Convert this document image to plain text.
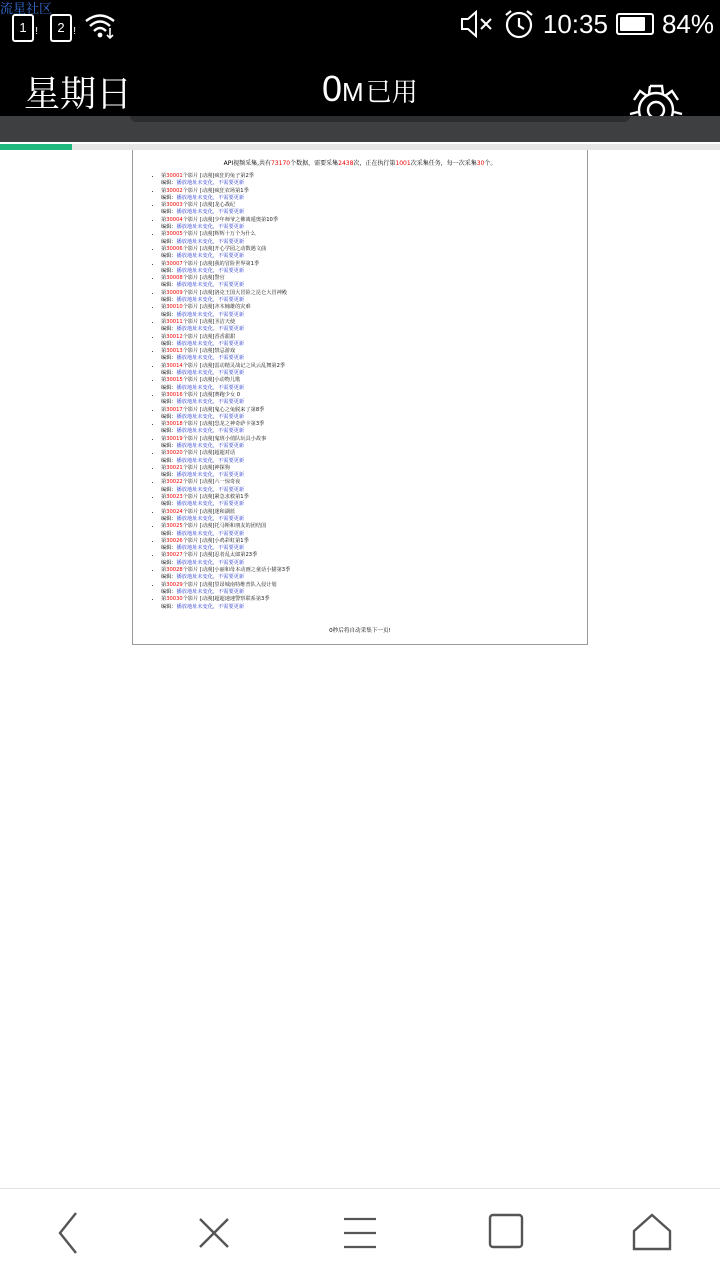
流星社区
1 !	2 !	10:35 84%
星期日	0M已用
API视频采集,共有73170个数据，需要采集2438次，正在执行第1001次采集任务，每一次采集30个。
• 第30001个影片 [动漫]疯狂的兔子第2季
编辑：播放地址未变化，不需要更新
• 第30002个影片 [动漫]疯狂农场第1季
编辑：播放地址未变化，不需要更新
• 第30003个影片 [动漫]龙心战纪
编辑：播放地址未变化，不需要更新
• 第30004个影片 [动漫]少年师爷之佛离遁奥第10季
编辑：播放地址未变化，不需要更新
• 第30005个影片 [动漫]辉辉十万个为什么
编辑：播放地址未变化，不需要更新
• 第30006个影片 [动漫]开心学园之动数遇文曲
编辑：播放地址未变化，不需要更新
• 第30007个影片 [动漫]我的冒险世界第1季
编辑：播放地址未变化，不需要更新
• 第30008个影片 [动漫]警官
编辑：播放地址未变化，不需要更新
• 第30009个影片 [动漫]洛克王国大冒险之昆仑大冒神殿
编辑：播放地址未变化，不需要更新
• 第30010个影片 [动漫]齐木楠雄的灾难
编辑：播放地址未变化，不需要更新
• 第30011个影片 [动漫]圣洁天使
编辑：播放地址未变化，不需要更新
• 第30012个影片 [动漫]香香甜甜
编辑：播放地址未变化，不需要更新
• 第30013个影片 [动漫]禁忌游戏
编辑：播放地址未变化，不需要更新
• 第30014个影片 [动漫]雷动精灵战记之风云乱舞第2季
编辑：播放地址未变化，不需要更新
• 第30015个影片 [动漫]小动物儿歌
编辑：播放地址未变化，不需要更新
• 第30016个影片 [动漫]赛跑少女 0
编辑：播放地址未变化，不需要更新
• 第30017个影片 [动漫]鬼心之兔脱来了第8季
编辑：播放地址未变化，不需要更新
• 第30018个影片 [动漫]恐龙之神奇萨卡第3季
编辑：播放地址未变化，不需要更新
• 第30019个影片 [动漫]鬼班小俏队玩具小故事
编辑：播放地址未变化，不需要更新
• 第30020个影片 [动漫]超超对话
编辑：播放地址未变化，不需要更新
• 第30021个影片 [动漫]神探狗
编辑：播放地址未变化，不需要更新
• 第30022个影片 [动漫]六一惊奇夜
编辑：播放地址未变化，不需要更新
• 第30023个影片 [动漫]紧急求救第1季
编辑：播放地址未变化，不需要更新
• 第30024个影片 [动漫]迷和湖蓝
编辑：播放地址未变化，不需要更新
• 第30025个影片 [动漫]托马斯和朋友的团结国
编辑：播放地址未变化，不需要更新
• 第30026个影片 [动漫]小鸡彩虹第1季
编辑：播放地址未变化，不需要更新
• 第30027个影片 [动漫]忍者乱太郎第23季
编辑：播放地址未变化，不需要更新
• 第30028个影片 [动漫]小丽和母本动画之童话小猫第3季
编辑：播放地址未变化，不需要更新
• 第30029个影片 [动漫]里昂城南特维普队入侵计划
编辑：播放地址未变化，不需要更新
• 第30030个影片 [动漫]超超速速警察联系第3季
编辑：播放地址未变化，不需要更新
0秒后将自动采集下一页!
